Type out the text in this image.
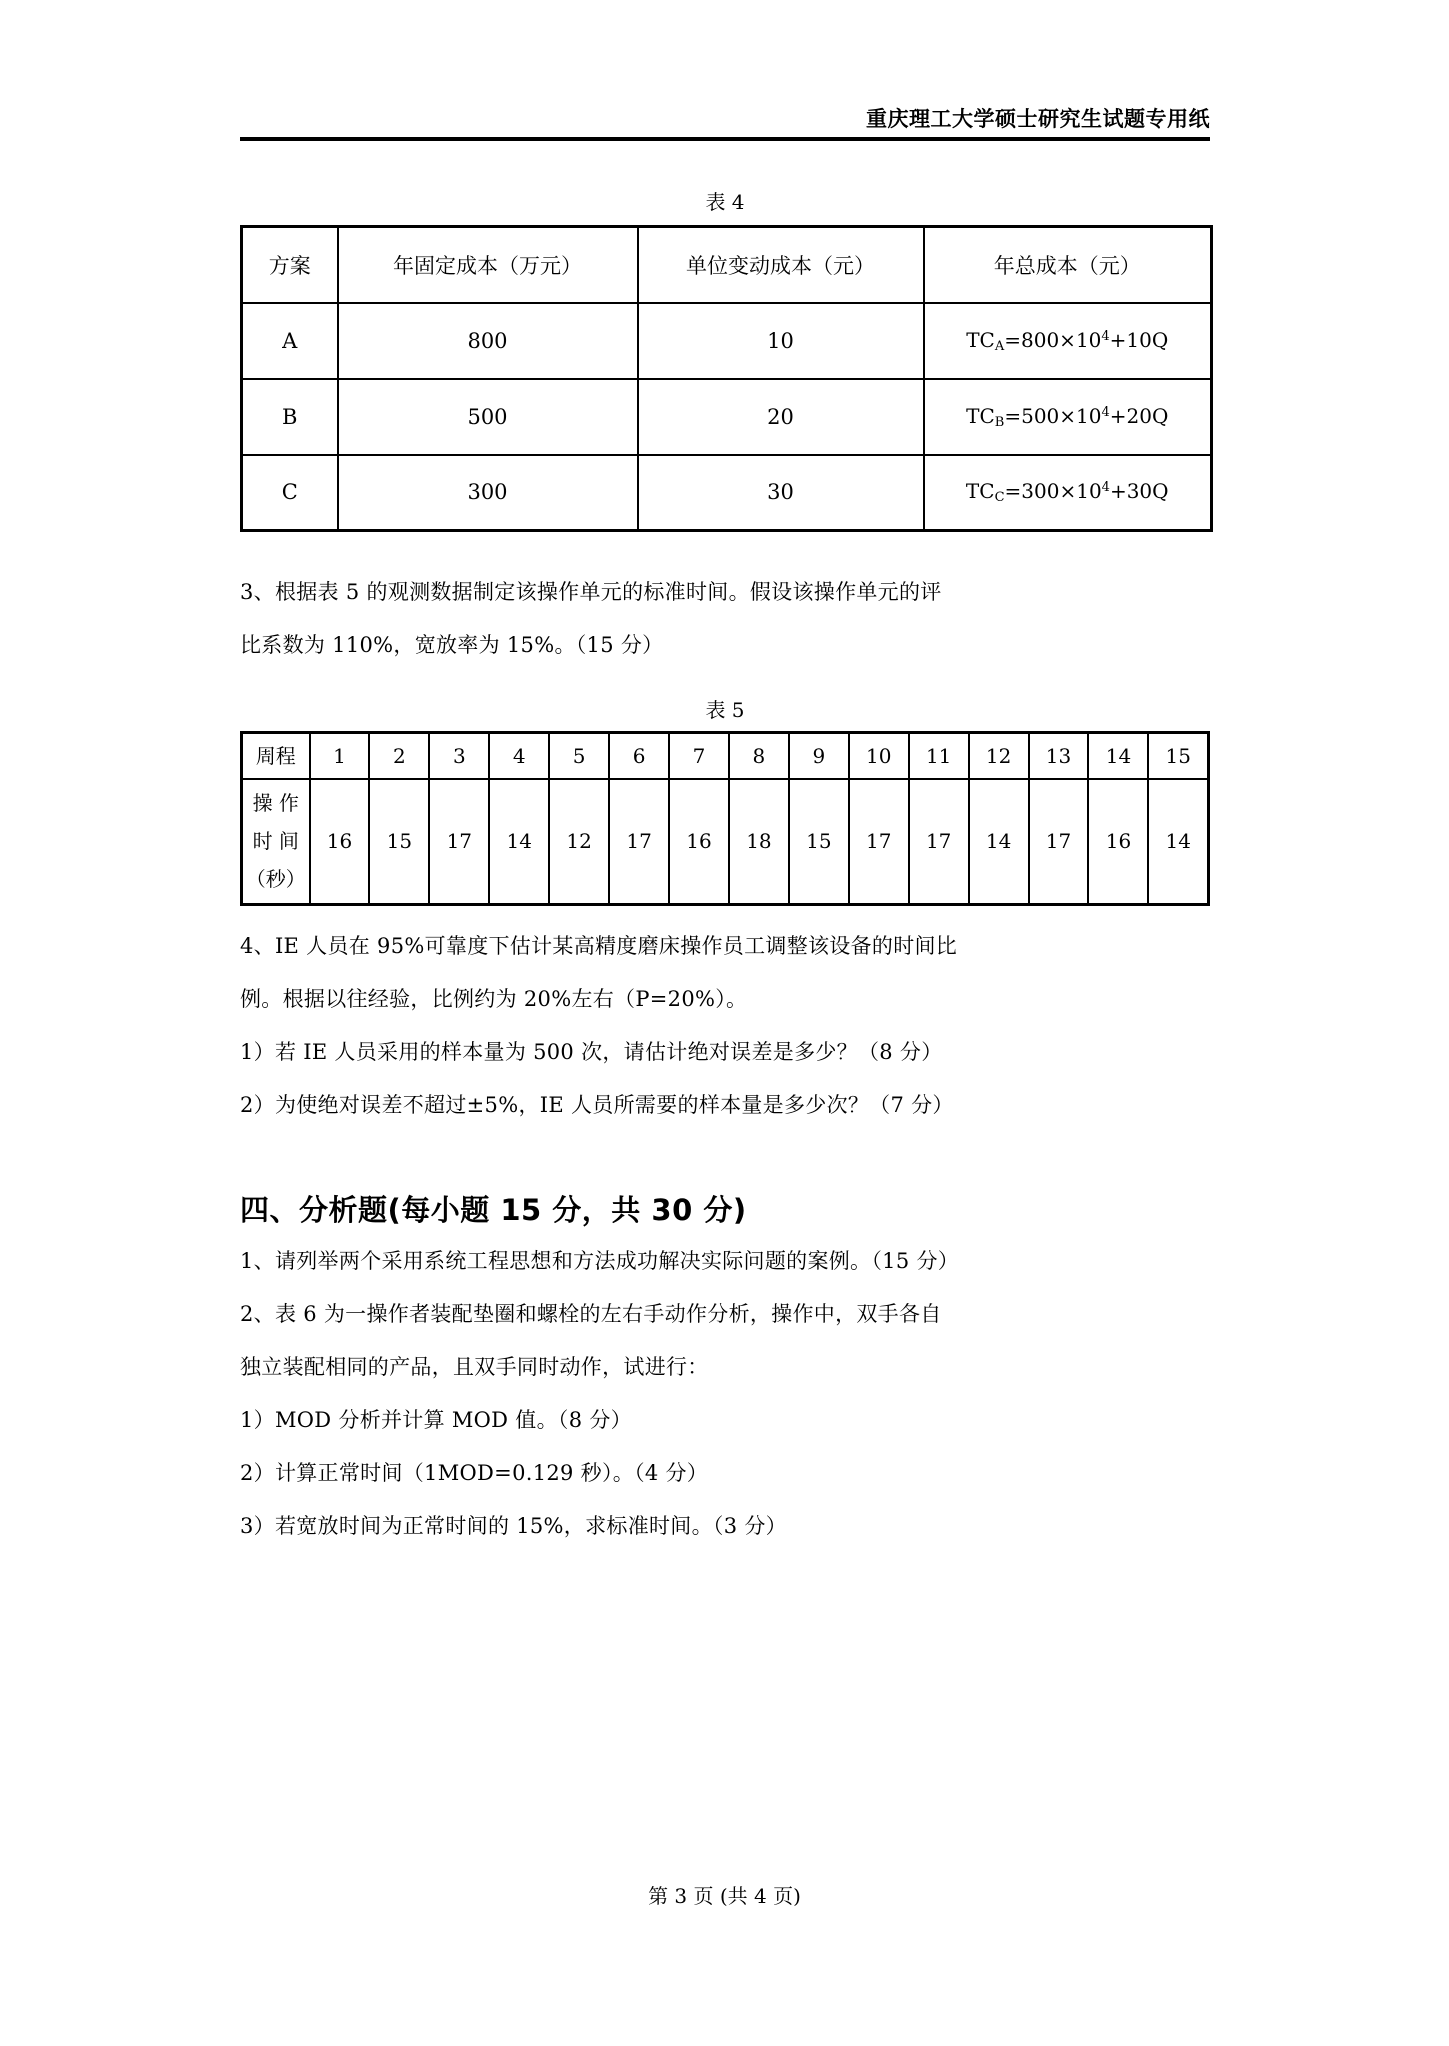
重庆理工大学硕士研究生试题专用纸
表 4
方案	年固定成本（万元）	单位变动成本（元）	年总成本（元）
A	800	10	$TC_A=800\times 10^4+10Q$
B	500	20	$TC_B=500\times 10^4+20Q$
C	300	30	$TC_C=300\times 10^4+30Q$

3、根据表 5 的观测数据制定该操作单元的标准时间。假设该操作单元的评

比系数为 110%，宽放率为 15%。（15 分）

表 5
周程	1	2	3	4	5	6	7	8	9	10	11	12	13	14	15

操 作
时 间
（秒）	16	15	17	14	12	17	16	18	15	17	17	14	17	16	14

4、IE 人员在 95%可靠度下估计某高精度磨床操作员工调整该设备的时间比

例。根据以往经验，比例约为 20%左右（P=20%）。

1）若 IE 人员采用的样本量为 500 次，请估计绝对误差是多少？（8 分）

2）为使绝对误差不超过±5%，IE 人员所需要的样本量是多少次？（7 分）

四、分析题(每小题 15 分，共 30 分)

1、请列举两个采用系统工程思想和方法成功解决实际问题的案例。（15 分）

2、表 6 为一操作者装配垫圈和螺栓的左右手动作分析，操作中，双手各自

独立装配相同的产品，且双手同时动作，试进行：

1）MOD 分析并计算 MOD 值。（8 分）

2）计算正常时间（1MOD=0.129 秒）。（4 分）

3）若宽放时间为正常时间的 15%，求标准时间。（3 分）

第 3 页 (共 4 页)
